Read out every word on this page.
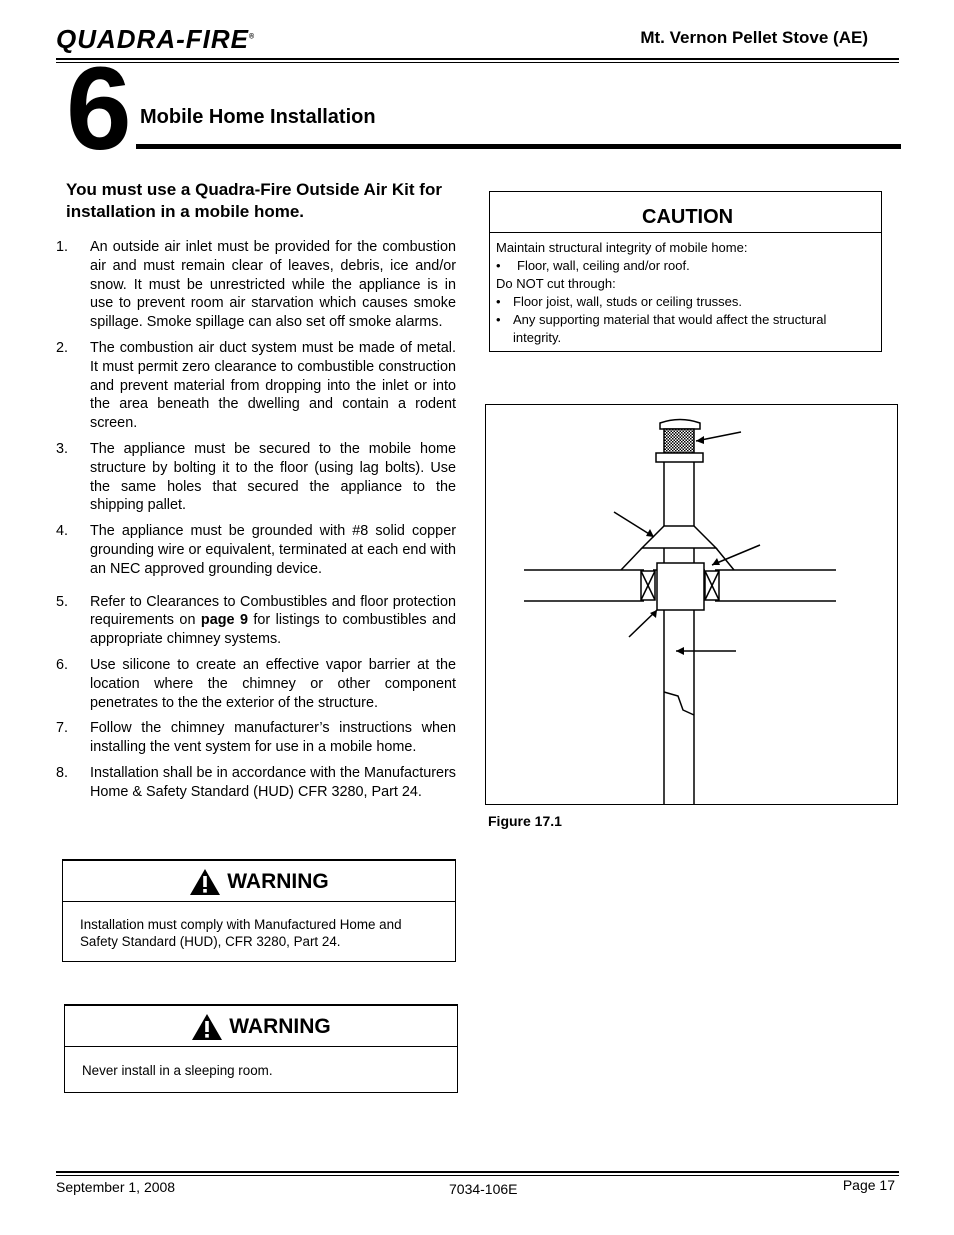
QUADRA-FIRE®	Mt. Vernon Pellet Stove (AE)
6 Mobile Home Installation
You must use a Quadra-Fire Outside Air Kit for installation in a mobile home.
1. An outside air inlet must be provided for the combustion air and must remain clear of leaves, debris, ice and/or snow. It must be unrestricted while the appliance is in use to prevent room air starvation which causes smoke spillage. Smoke spillage can also set off smoke alarms.
2. The combustion air duct system must be made of metal. It must permit zero clearance to combustible construction and prevent material from dropping into the inlet or into the area beneath the dwelling and contain a rodent screen.
3. The appliance must be secured to the mobile home structure by bolting it to the floor (using lag bolts). Use the same holes that secured the appliance to the shipping pallet.
4. The appliance must be grounded with #8 solid copper grounding wire or equivalent, terminated at each end with an NEC approved grounding device.
5. Refer to Clearances to Combustibles and floor protection requirements on page 9 for listings to combustibles and appropriate chimney systems.
6. Use silicone to create an effective vapor barrier at the location where the chimney or other component penetrates to the the exterior of the structure.
7. Follow the chimney manufacturer’s instructions when installing the vent system for use in a mobile home.
8. Installation shall be in accordance with the Manufacturers Home & Safety Standard (HUD) CFR 3280, Part 24.
CAUTION
Maintain structural integrity of mobile home:
• Floor, wall, ceiling and/or roof.
Do NOT cut through:
• Floor joist, wall, studs or ceiling trusses.
• Any supporting material that would affect the structural integrity.
Figure 17.1
WARNING
Installation must comply with Manufactured Home and Safety Standard (HUD), CFR 3280, Part 24.
WARNING
Never install in a sleeping room.
September 1, 2008	7034-106E	Page 17
